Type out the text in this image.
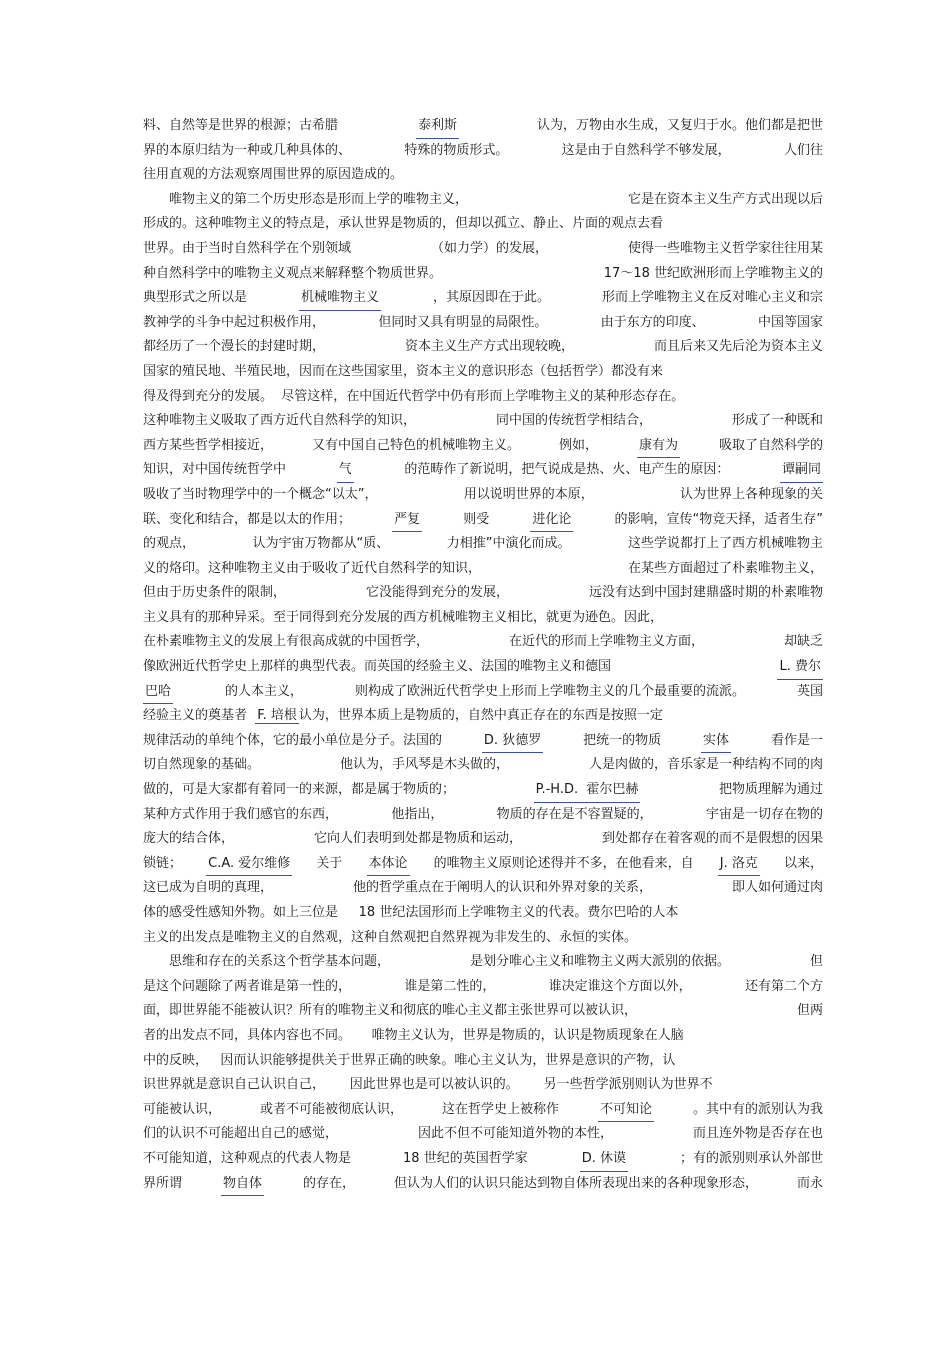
料、自然等是世界的根源；古希腊	泰利斯	认为，万物由水生成，又复归于水。他们都是把世
界的本原归结为一种或几种具体的、	特殊的物质形式。	这是由于自然科学不够发展，	人们往
往用直观的方法观察周围世界的原因造成的。
唯物主义的第二个历史形态是形而上学的唯物主义，	它是在资本主义生产方式出现以后
形成的。这种唯物主义的特点是，承认世界是物质的，但却以孤立、静止、片面的观点去看
世界。由于当时自然科学在个别领域	（如力学）的发展，	使得一些唯物主义哲学家往往用某
种自然科学中的唯物主义观点来解释整个物质世界。	17～18 世纪欧洲形而上学唯物主义的
典型形式之所以是	机械唯物主义	，其原因即在于此。	形而上学唯物主义在反对唯心主义和宗
教神学的斗争中起过积极作用，	但同时又具有明显的局限性。	由于东方的印度、	中国等国家
都经历了一个漫长的封建时期，	资本主义生产方式出现较晚，	而且后来又先后沦为资本主义
国家的殖民地、半殖民地，因而在这些国家里，资本主义的意识形态（包括哲学）都没有来
得及得到充分的发展。  尽管这样，在中国近代哲学中仍有形而上学唯物主义的某种形态存在。
这种唯物主义吸取了西方近代自然科学的知识，	同中国的传统哲学相结合，	形成了一种既和
西方某些哲学相接近，	又有中国自己特色的机械唯物主义。	例如，	康有为	吸取了自然科学的
知识，对中国传统哲学中	气	的范畴作了新说明，把气说成是热、火、电产生的原因：	谭嗣同
吸收了当时物理学中的一个概念“以太”，	用以说明世界的本原，	认为世界上各种现象的关
联、变化和结合，都是以太的作用；	严复	则受	进化论	的影响，宣传“物竞天择，适者生存”
的观点，	认为宇宙万物都从“质、	力相推”中演化而成。	这些学说都打上了西方机械唯物主
义的烙印。这种唯物主义由于吸收了近代自然科学的知识，	在某些方面超过了朴素唯物主义，
但由于历史条件的限制，	它没能得到充分的发展，	远没有达到中国封建鼎盛时期的朴素唯物
主义具有的那种异采。至于同得到充分发展的西方机械唯物主义相比，就更为逊色。因此，
在朴素唯物主义的发展上有很高成就的中国哲学，	在近代的形而上学唯物主义方面，	却缺乏
像欧洲近代哲学史上那样的典型代表。而英国的经验主义、法国的唯物主义和德国	L. 费尔
巴哈	的人本主义，	则构成了欧洲近代哲学史上形而上学唯物主义的几个最重要的流派。	英国
经验主义的奠基者  F. 培根 认为，世界本质上是物质的，自然中真正存在的东西是按照一定
规律活动的单纯个体，它的最小单位是分子。法国的	D. 狄德罗	把统一的物质	实体	看作是一
切自然现象的基础。	他认为，手风琴是木头做的，	人是肉做的，音乐家是一种结构不同的肉
做的，可是大家都有着同一的来源，都是属于物质的；	P.-H.D.  霍尔巴赫	把物质理解为通过
某种方式作用于我们感官的东西，	他指出，	物质的存在是不容置疑的，	宇宙是一切存在物的
庞大的结合体，	它向人们表明到处都是物质和运动，	到处都存在着客观的而不是假想的因果
锁链； C.A. 爱尔维修 关于 本体论 的唯物主义原则论述得并不多，在他看来，自 J. 洛克 以来，
这已成为自明的真理，	他的哲学重点在于阐明人的认识和外界对象的关系，	即人如何通过肉
体的感受性感知外物。如上三位是     18 世纪法国形而上学唯物主义的代表。费尔巴哈的人本
主义的出发点是唯物主义的自然观，这种自然观把自然界视为非发生的、永恒的实体。
思维和存在的关系这个哲学基本问题，	是划分唯心主义和唯物主义两大派别的依据。	但
是这个问题除了两者谁是第一性的，	谁是第二性的，	谁决定谁这个方面以外，	还有第二个方
面，即世界能不能被认识？所有的唯物主义和彻底的唯心主义都主张世界可以被认识，	但两
者的出发点不同，具体内容也不同。     唯物主义认为，世界是物质的，认识是物质现象在人脑
中的反映，   因而认识能够提供关于世界正确的映象。唯心主义认为，世界是意识的产物，认
识世界就是意识自己认识自己，      因此世界也是可以被认识的。      另一些哲学派别则认为世界不
可能被认识，	或者不可能被彻底认识，	这在哲学史上被称作	不可知论	。其中有的派别认为我
们的认识不可能超出自己的感觉，	因此不但不可能知道外物的本性，	而且连外物是否存在也
不可能知道，这种观点的代表人物是	18 世纪的英国哲学家	D. 休谟	；有的派别则承认外部世
界所谓	物自体	的存在，	但认为人们的认识只能达到物自体所表现出来的各种现象形态，	而永
